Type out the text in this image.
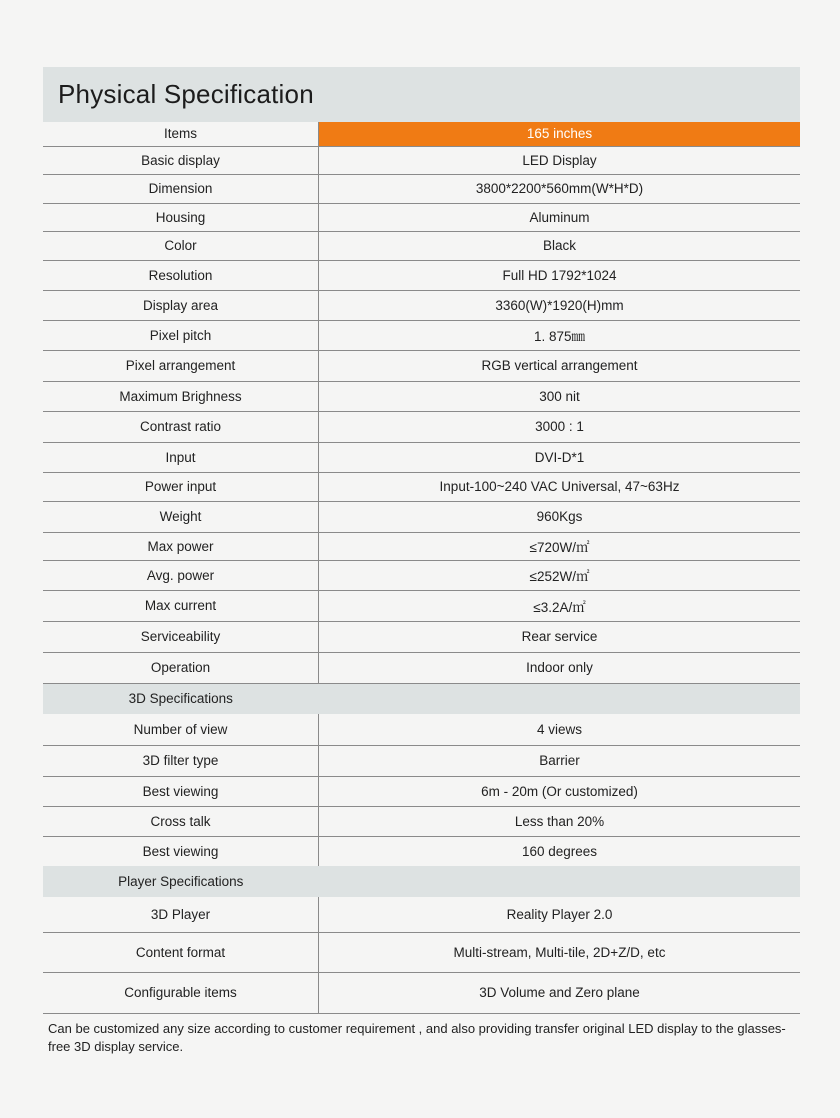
Physical Specification
Items	165 inches
Basic display	LED Display
Dimension	3800*2200*560mm(W*H*D)
Housing	Aluminum
Color	Black
Resolution	Full HD 1792*1024
Display area	3360(W)*1920(H)mm
Pixel pitch	1. 875㎜
Pixel arrangement	RGB vertical arrangement
Maximum Brighness	300 nit
Contrast ratio	3000 : 1
Input	DVI-D*1
Power input	Input-100~240 VAC Universal, 47~63Hz
Weight	960Kgs
Max power	≤720W/㎡
Avg. power	≤252W/㎡
Max current	≤3.2A/㎡
Serviceability	Rear service
Operation	Indoor only
3D Specifications	
Number of view	4 views
3D filter type	Barrier
Best viewing	6m - 20m (Or customized)
Cross talk	Less than 20%
Best viewing	160 degrees
Player Specifications	
3D Player	Reality Player 2.0
Content format	Multi-stream, Multi-tile, 2D+Z/D, etc
Configurable items	3D Volume and Zero plane
Can be customized any size according to customer requirement , and also providing transfer original LED display to the glasses-free 3D display service.
